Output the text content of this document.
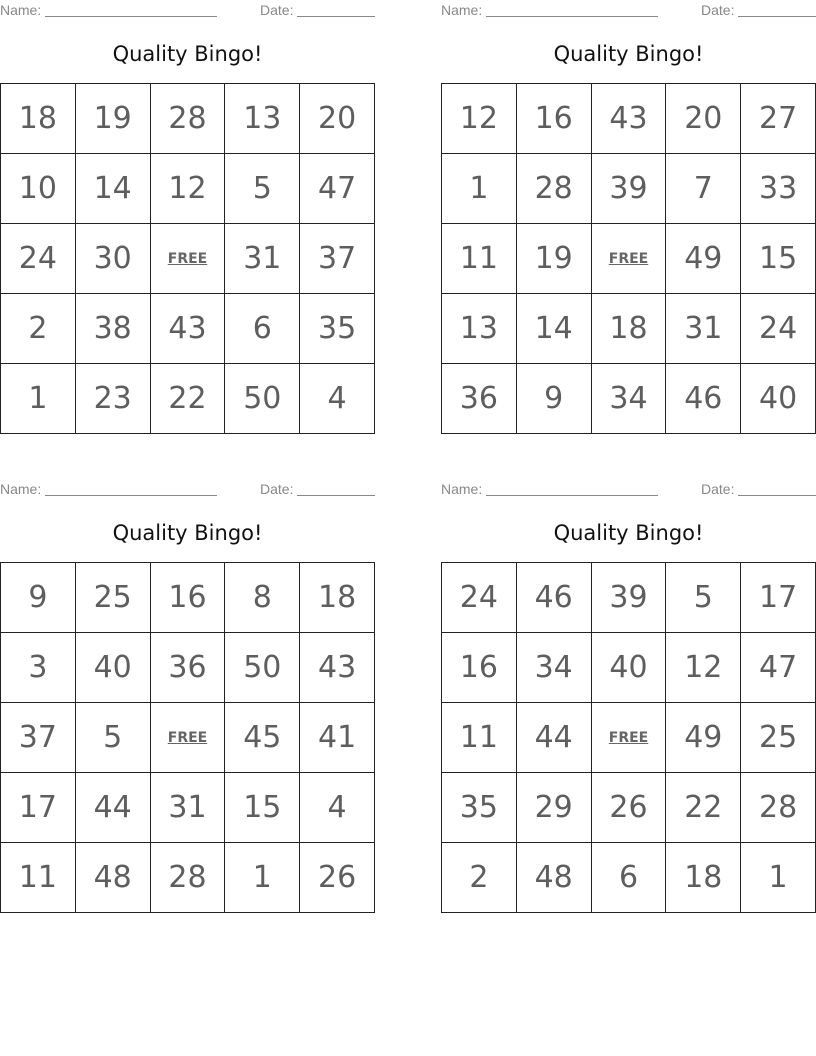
Name:	Date:
Quality Bingo!
18	19	28	13	20
10	14	12	5	47
24	30	FREE	31	37
2	38	43	6	35
1	23	22	50	4
Name:	Date:
Quality Bingo!
12	16	43	20	27
1	28	39	7	33
11	19	FREE	49	15
13	14	18	31	24
36	9	34	46	40
Name:	Date:
Quality Bingo!
9	25	16	8	18
3	40	36	50	43
37	5	FREE	45	41
17	44	31	15	4
11	48	28	1	26
Name:	Date:
Quality Bingo!
24	46	39	5	17
16	34	40	12	47
11	44	FREE	49	25
35	29	26	22	28
2	48	6	18	1
